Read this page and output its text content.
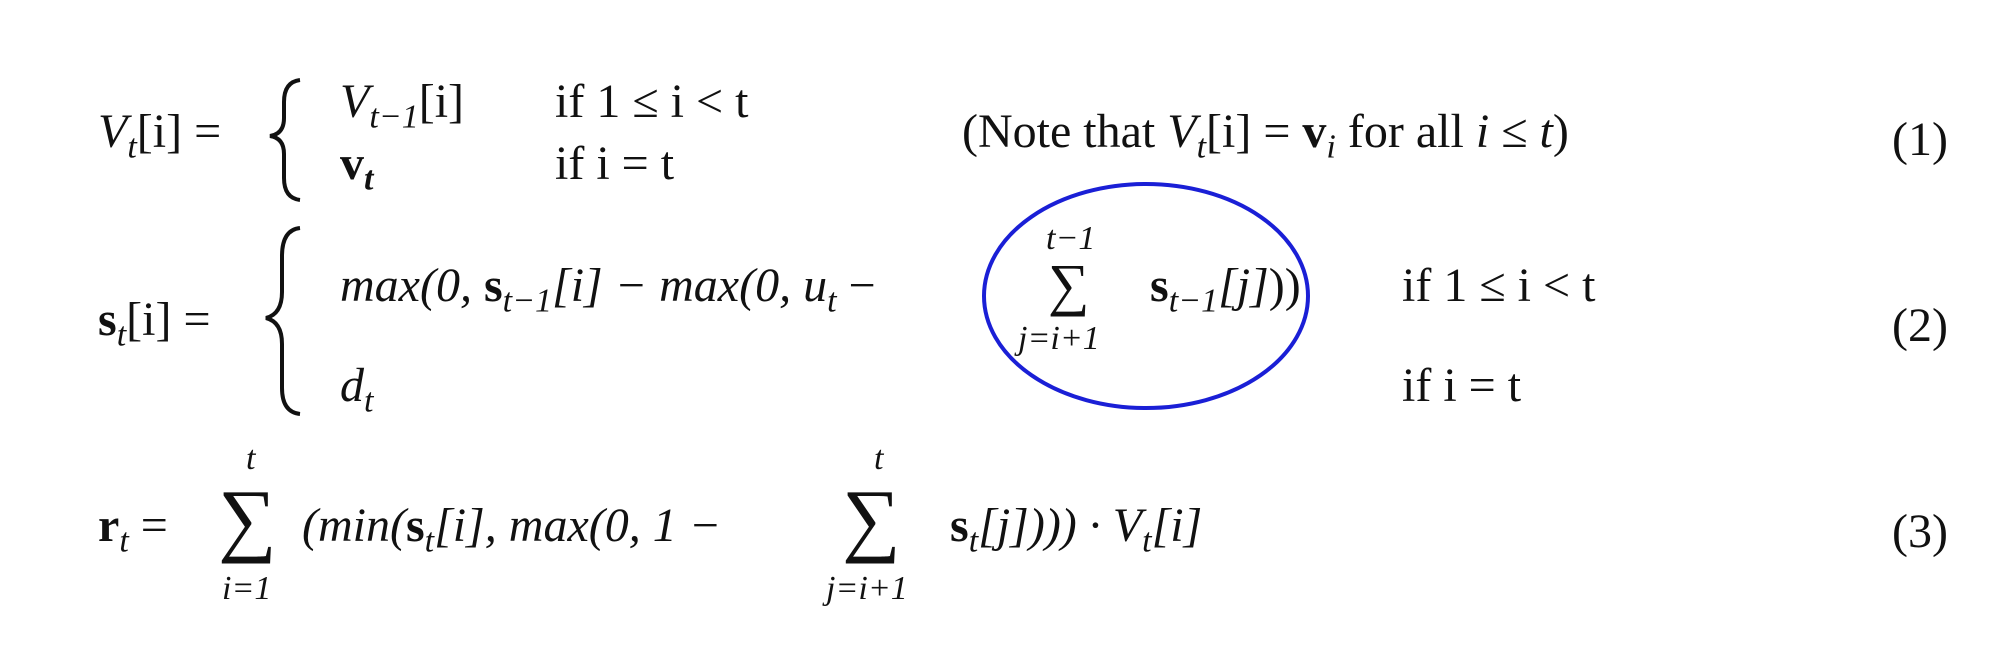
$V_t[i]$ =
$V_{t-1}[i]$ if 1 ≤ i < t
$v_t$	if i = t
(Note that $V_t[i] = v_i$ for all i ≤ t)	(1)
$s_t[i]$ =
max(0, $s_{t-1}[i] - \max(0$, $u_t$ −
t−1
∑
j=i+1
$s_{t-1}[j]$)) if 1 ≤ i < t
$d_t$	if i = t
(2)
$r_t$ =
t
∑
i=1
($\min(s_t[i]$, max(0, 1 −
t
∑
j=i+1
$s_t[j]))) \cdot V_t[i]$	(3)
